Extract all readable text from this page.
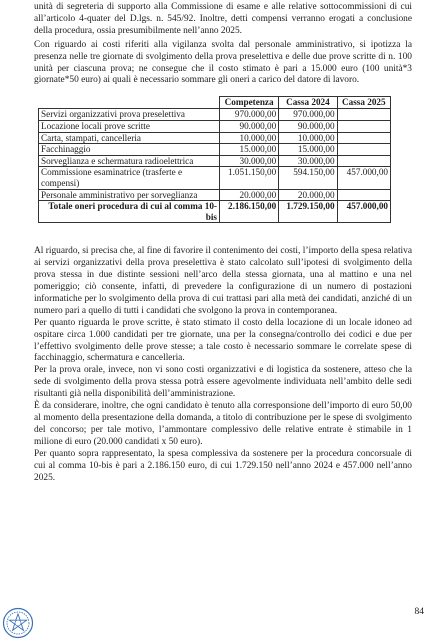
unità di segreteria di supporto alla Commissione di esame e alle relative sottocommissioni di cui all’articolo 4-quater del D.lgs. n. 545/92. Inoltre, detti compensi verranno erogati a conclusione della procedura, ossia presumibilmente nell’anno 2025.

Con riguardo ai costi riferiti alla vigilanza svolta dal personale amministrativo, si ipotizza la presenza nelle tre giornate di svolgimento della prova preselettiva e delle due prove scritte di n. 100 unità per ciascuna prova; ne consegue che il costo stimato è pari a 15.000 euro (100 unità*3 giornate*50 euro) ai quali è necessario sommare gli oneri a carico del datore di lavoro.

	Competenza	Cassa 2024	Cassa 2025
Servizi organizzativi prova preselettiva	970.000,00	970.000,00	
Locazione locali prove scritte	90.000,00	90.000,00	
Carta, stampati, cancelleria	10.000,00	10.000,00	
Facchinaggio	15.000,00	15.000,00	
Sorveglianza e schermatura radioelettrica	30.000,00	30.000,00	
Commissione esaminatrice (trasferte e compensi)	1.051.150,00	594.150,00	457.000,00
Personale amministrativo per sorveglianza	20.000,00	20.000,00	
Totale oneri procedura di cui al comma 10-bis	2.186.150,00	1.729.150,00	457.000,00

Al riguardo, si precisa che, al fine di favorire il contenimento dei costi, l’importo della spesa relativa ai servizi organizzativi della prova preselettiva è stato calcolato sull’ipotesi di svolgimento della prova stessa in due distinte sessioni nell’arco della stessa giornata, una al mattino e una nel pomeriggio; ciò consente, infatti, di prevedere la configurazione di un numero di postazioni informatiche per lo svolgimento della prova di cui trattasi pari alla metà dei candidati, anziché di un numero pari a quello di tutti i candidati che svolgono la prova in contemporanea.

Per quanto riguarda le prove scritte, è stato stimato il costo della locazione di un locale idoneo ad ospitare circa 1.000 candidati per tre giornate, una per la consegna/controllo dei codici e due per l’effettivo svolgimento delle prove stesse; a tale costo è necessario sommare le correlate spese di facchinaggio, schermatura e cancelleria.

Per la prova orale, invece, non vi sono costi organizzativi e di logistica da sostenere, atteso che la sede di svolgimento della prova stessa potrà essere agevolmente individuata nell’ambito delle sedi risultanti già nella disponibilità dell’amministrazione.

È da considerare, inoltre, che ogni candidato è tenuto alla corresponsione dell’importo di euro 50,00 al momento della presentazione della domanda, a titolo di contribuzione per le spese di svolgimento del concorso; per tale motivo, l’ammontare complessivo delle relative entrate è stimabile in 1 milione di euro (20.000 candidati x 50 euro).

Per quanto sopra rappresentato, la spesa complessiva da sostenere per la procedura concorsuale di cui al comma 10-bis è pari a 2.186.150 euro, di cui 1.729.150 nell’anno 2024 e 457.000 nell’anno 2025.

84
